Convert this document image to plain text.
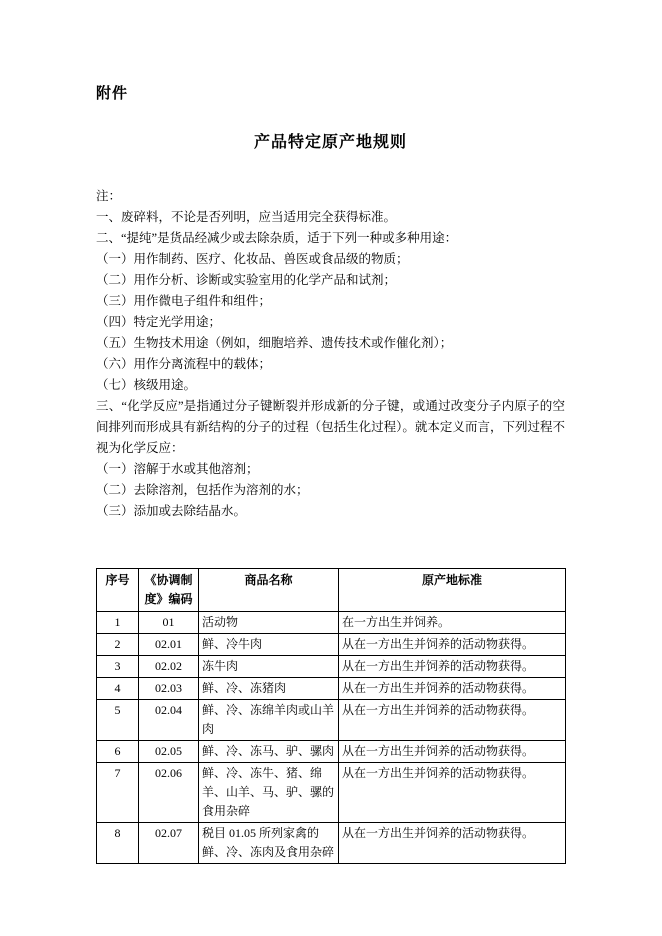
附件
产品特定原产地规则
注：
一、废碎料，不论是否列明，应当适用完全获得标准。
二、“提纯”是货品经减少或去除杂质，适于下列一种或多种用途：
（一）用作制药、医疗、化妆品、兽医或食品级的物质；
（二）用作分析、诊断或实验室用的化学产品和试剂；
（三）用作微电子组件和组件；
（四）特定光学用途；
（五）生物技术用途（例如，细胞培养、遗传技术或作催化剂）；
（六）用作分离流程中的载体；
（七）核级用途。
三、“化学反应”是指通过分子键断裂并形成新的分子键，或通过改变分子内原子的空间排列而形成具有新结构的分子的过程（包括生化过程）。就本定义而言，下列过程不视为化学反应：
（一）溶解于水或其他溶剂；
（二）去除溶剂，包括作为溶剂的水；
（三）添加或去除结晶水。
序号	《协调制度》编码	商品名称	原产地标准
1	01	活动物	在一方出生并饲养。
2	02.01	鲜、冷牛肉	从在一方出生并饲养的活动物获得。
3	02.02	冻牛肉	从在一方出生并饲养的活动物获得。
4	02.03	鲜、冷、冻猪肉	从在一方出生并饲养的活动物获得。
5	02.04	鲜、冷、冻绵羊肉或山羊肉	从在一方出生并饲养的活动物获得。
6	02.05	鲜、冷、冻马、驴、骡肉	从在一方出生并饲养的活动物获得。
7	02.06	鲜、冷、冻牛、猪、绵羊、山羊、马、驴、骡的食用杂碎	从在一方出生并饲养的活动物获得。
8	02.07	税目 01.05 所列家禽的鲜、冷、冻肉及食用杂碎	从在一方出生并饲养的活动物获得。
